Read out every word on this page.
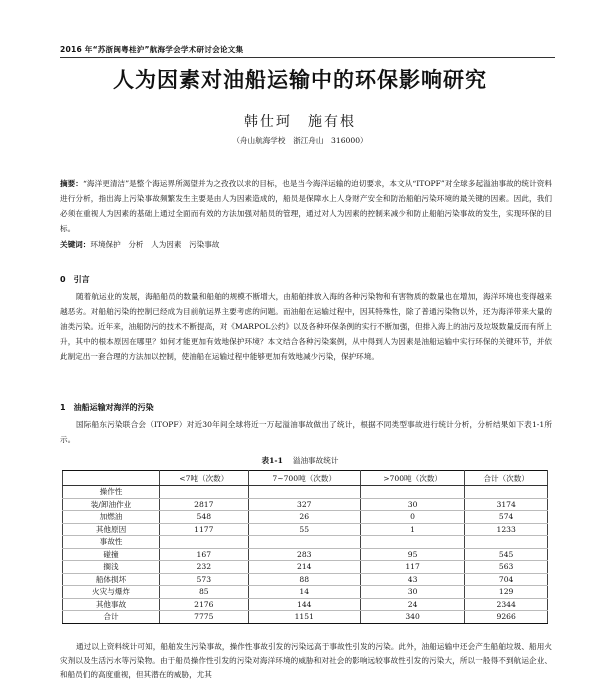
2016 年“苏浙闽粤桂沪”航海学会学术研讨会论文集
人为因素对油船运输中的环保影响研究
韩仕珂　施有根
（舟山航海学校　浙江舟山　316000）

摘要：“海洋更清洁”是整个海运界所渴望并为之孜孜以求的目标，也是当今海洋运输的迫切要求，本文从“ITOPF”对全球多起溢油事故的统计资料进行分析，指出海上污染事故频繁发生主要是由人为因素造成的，船员是保障水上人身财产安全和防治船舶污染环境的最关键的因素。因此，我们必须在重视人为因素的基础上通过全面而有效的方法加强对船员的管理，通过对人为因素的控制来减少和防止船舶污染事故的发生，实现环保的目标。

关键词：环境保护　分析　人为因素　污染事故

0　引言

随着航运业的发展，海船船员的数量和船舶的规模不断增大，由船舶排放入海的各种污染物和有害物质的数量也在增加，海洋环境也变得越来越恶劣。对船舶污染的控制已经成为目前航运界主要考虑的问题。而油船在运输过程中，因其特殊性，除了普通污染物以外，还为海洋带来大量的油类污染。近年来，油船防污的技术不断提高，对《MARPOL公约》以及各种环保条例的实行不断加强，但排入海上的油污及垃圾数量反而有所上升，其中的根本原因在哪里？如何才能更加有效地保护环境？本文结合各种污染案例，从中得到人为因素是油船运输中实行环保的关键环节，并依此制定出一套合理的方法加以控制，使油船在运输过程中能够更加有效地减少污染，保护环境。

1　油船运输对海洋的污染

国际船东污染联合会（ITOPF）对近30年间全球将近一万起溢油事故做出了统计，根据不同类型事故进行统计分析，分析结果如下表1-1所示。

表1-1 溢油事故统计
	<7吨（次数）	7~700吨（次数）	>700吨（次数）	合计（次数）
操作性				
装/卸油作业	2817	327	30	3174
加燃油	548	26	0	574
其他原因	1177	55	1	1233
事故性				
碰撞	167	283	95	545
搁浅	232	214	117	563
船体损坏	573	88	43	704
火灾与爆炸	85	14	30	129
其他事故	2176	144	24	2344
合计	7775	1151	340	9266

通过以上资料统计可知，船舶发生污染事故，操作性事故引发的污染远高于事故性引发的污染。此外，油船运输中还会产生船舶垃圾、船用火灾剂以及生活污水等污染物。由于船员操作性引发的污染对海洋环境的威胁和对社会的影响远较事故性引发的污染大，所以一般得不到航运企业、和船员们的高度重视，但其潜在的威胁，尤其
